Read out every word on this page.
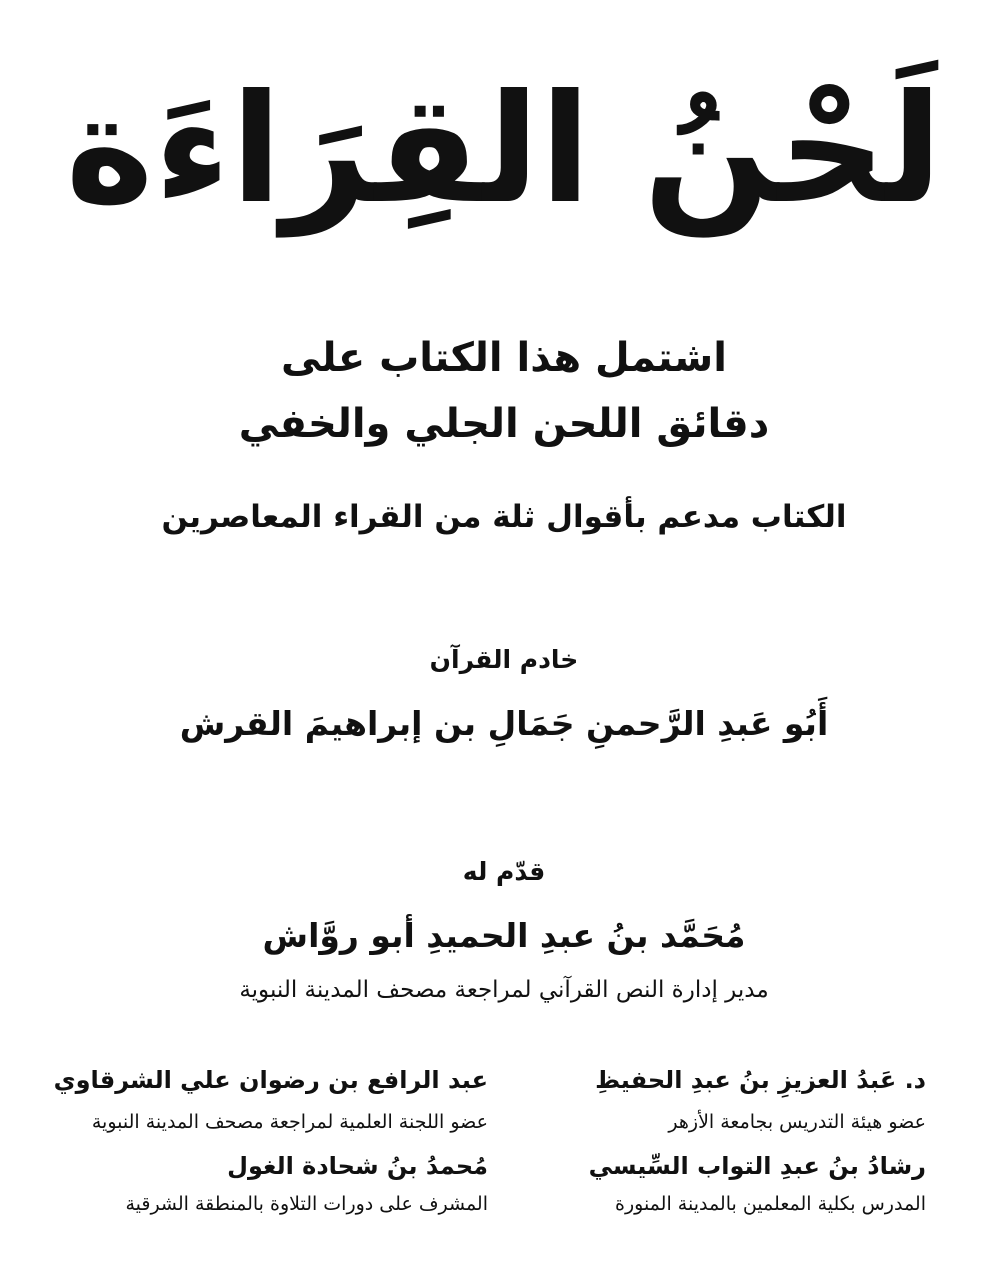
لَحْنُ القِرَاءَة
اشتمل هذا الكتاب على
دقائق اللحن الجلي والخفي
الكتاب مدعم بأقوال ثلة من القراء المعاصرين
خادم القرآن
أَبُو عَبدِ الرَّحمنِ جَمَالِ بن إبراهيمَ القرش
قدّم له
مُحَمَّد بنُ عبدِ الحميدِ أبو روَّاش
مدير إدارة النص القرآني لمراجعة مصحف المدينة النبوية
د. عَبدُ العزيزِ بنُ عبدِ الحفيظِ
عضو هيئة التدريس بجامعة الأزهر
رشادُ بنُ عبدِ التواب السِّيسي
المدرس بكلية المعلمين بالمدينة المنورة
عبد الرافع بن رضوان علي الشرقاوي
عضو اللجنة العلمية لمراجعة مصحف المدينة النبوية
مُحمدُ بنُ شحادة الغول
المشرف على دورات التلاوة بالمنطقة الشرقية
